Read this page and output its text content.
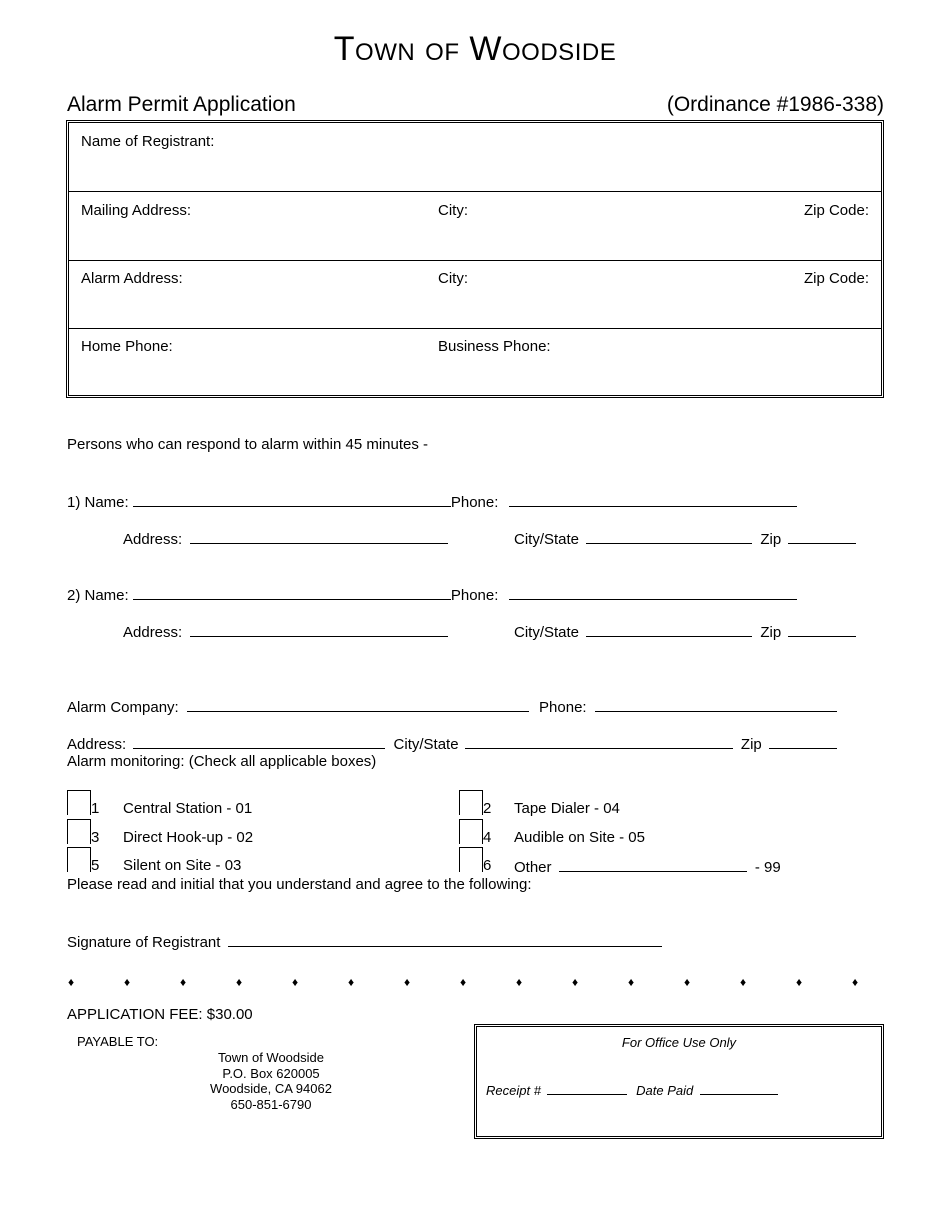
Town of Woodside
Alarm Permit Application	(Ordinance #1986-338)
Name of Registrant:
Mailing Address:	City:	Zip Code:
Alarm Address:	City:	Zip Code:
Home Phone:	Business Phone:
Persons who can respond to alarm within 45 minutes -
1) Name:	Phone:
Address:	City/State	Zip
2) Name:	Phone:
Address:	City/State	Zip
Alarm Company:	Phone:
Address:	City/State	Zip
Alarm monitoring: (Check all applicable boxes)
1 Central Station - 01	2 Tape Dialer - 04
3 Direct Hook-up - 02	4 Audible on Site - 05
5 Silent on Site - 03	6 Other	- 99
Please read and initial that you understand and agree to the following:
Signature of Registrant
♦	♦	♦	♦	♦	♦	♦	♦	♦	♦	♦	♦	♦	♦	♦
APPLICATION FEE: $30.00
PAYABLE TO:
Town of Woodside
P.O. Box 620005
Woodside, CA 94062
650-851-6790
For Office Use Only
Receipt #	Date Paid
